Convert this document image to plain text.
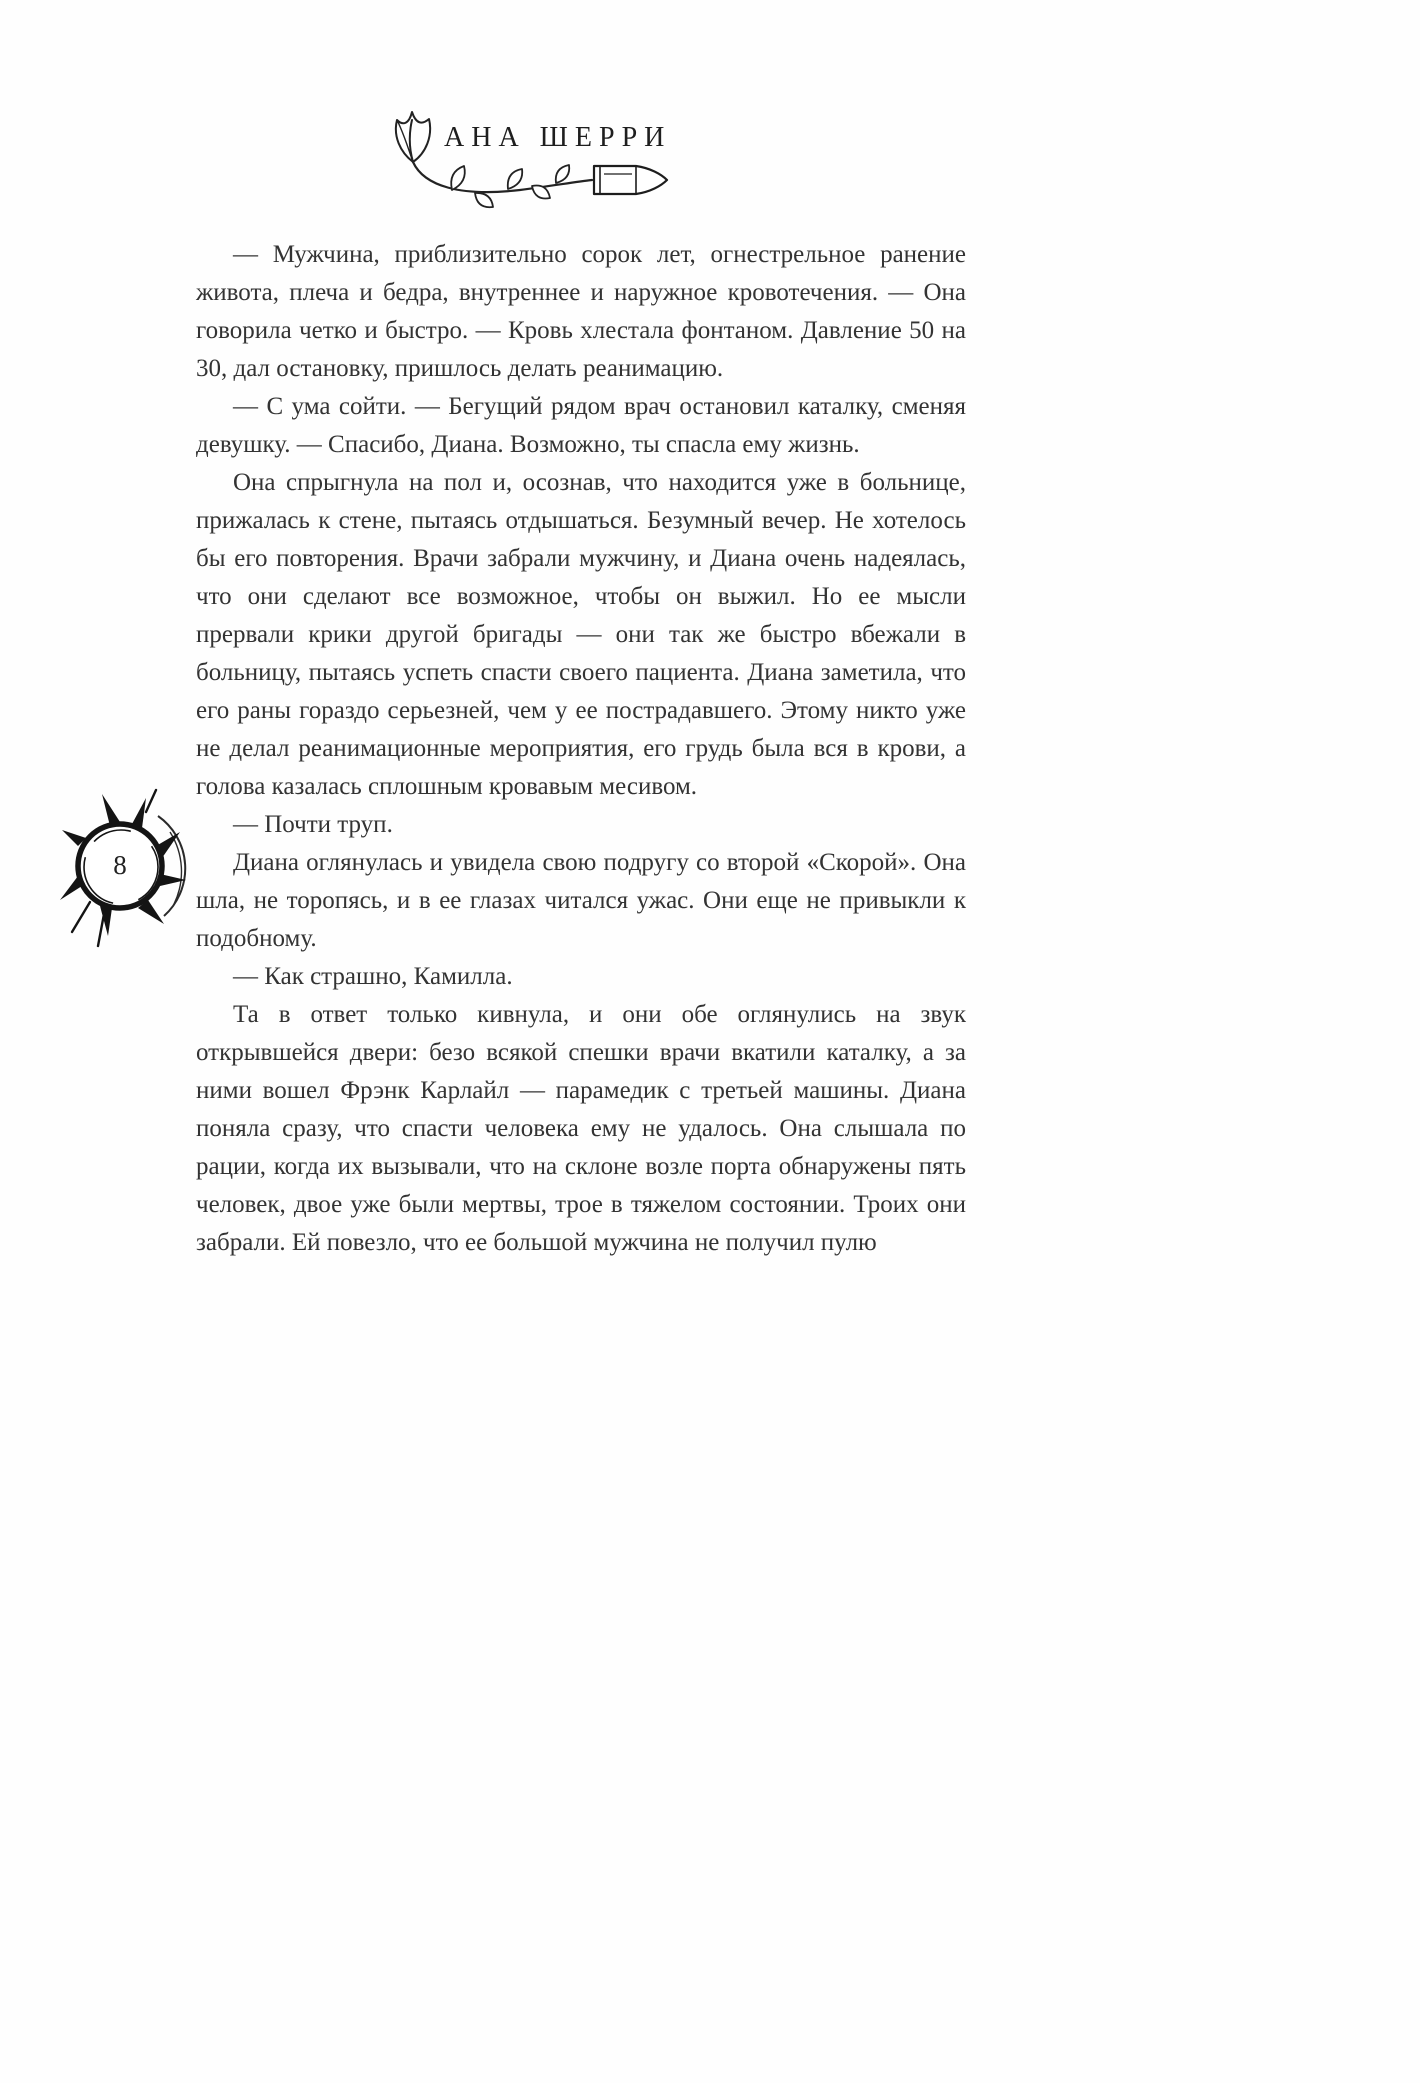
АНА ШЕРРИ

— Мужчина, приблизительно сорок лет, огнестрельное ранение живота, плеча и бедра, внутреннее и наружное кровотечения. — Она говорила четко и быстро. — Кровь хлестала фонтаном. Давление 50 на 30, дал остановку, пришлось делать реанимацию.

— С ума сойти. — Бегущий рядом врач остановил каталку, сменяя девушку. — Спасибо, Диана. Возможно, ты спасла ему жизнь.

Она спрыгнула на пол и, осознав, что находится уже в больнице, прижалась к стене, пытаясь отдышаться. Безумный вечер. Не хотелось бы его повторения. Врачи забрали мужчину, и Диана очень надеялась, что они сделают все возможное, чтобы он выжил. Но ее мысли прервали крики другой бригады — они так же быстро вбежали в больницу, пытаясь успеть спасти своего пациента. Диана заметила, что его раны гораздо серьезней, чем у ее пострадавшего. Этому никто уже не делал реанимационные мероприятия, его грудь была вся в крови, а голова казалась сплошным кровавым месивом.

— Почти труп.

Диана оглянулась и увидела свою подругу со второй «Скорой». Она шла, не торопясь, и в ее глазах читался ужас. Они еще не привыкли к подобному.

— Как страшно, Камилла.

Та в ответ только кивнула, и они обе оглянулись на звук открывшейся двери: безо всякой спешки врачи вкатили каталку, а за ними вошел Фрэнк Карлайл — парамедик с третьей машины. Диана поняла сразу, что спасти человека ему не удалось. Она слышала по рации, когда их вызывали, что на склоне возле порта обнаружены пять человек, двое уже были мертвы, трое в тяжелом состоянии. Троих они забрали. Ей повезло, что ее большой мужчина не получил пулю

8
